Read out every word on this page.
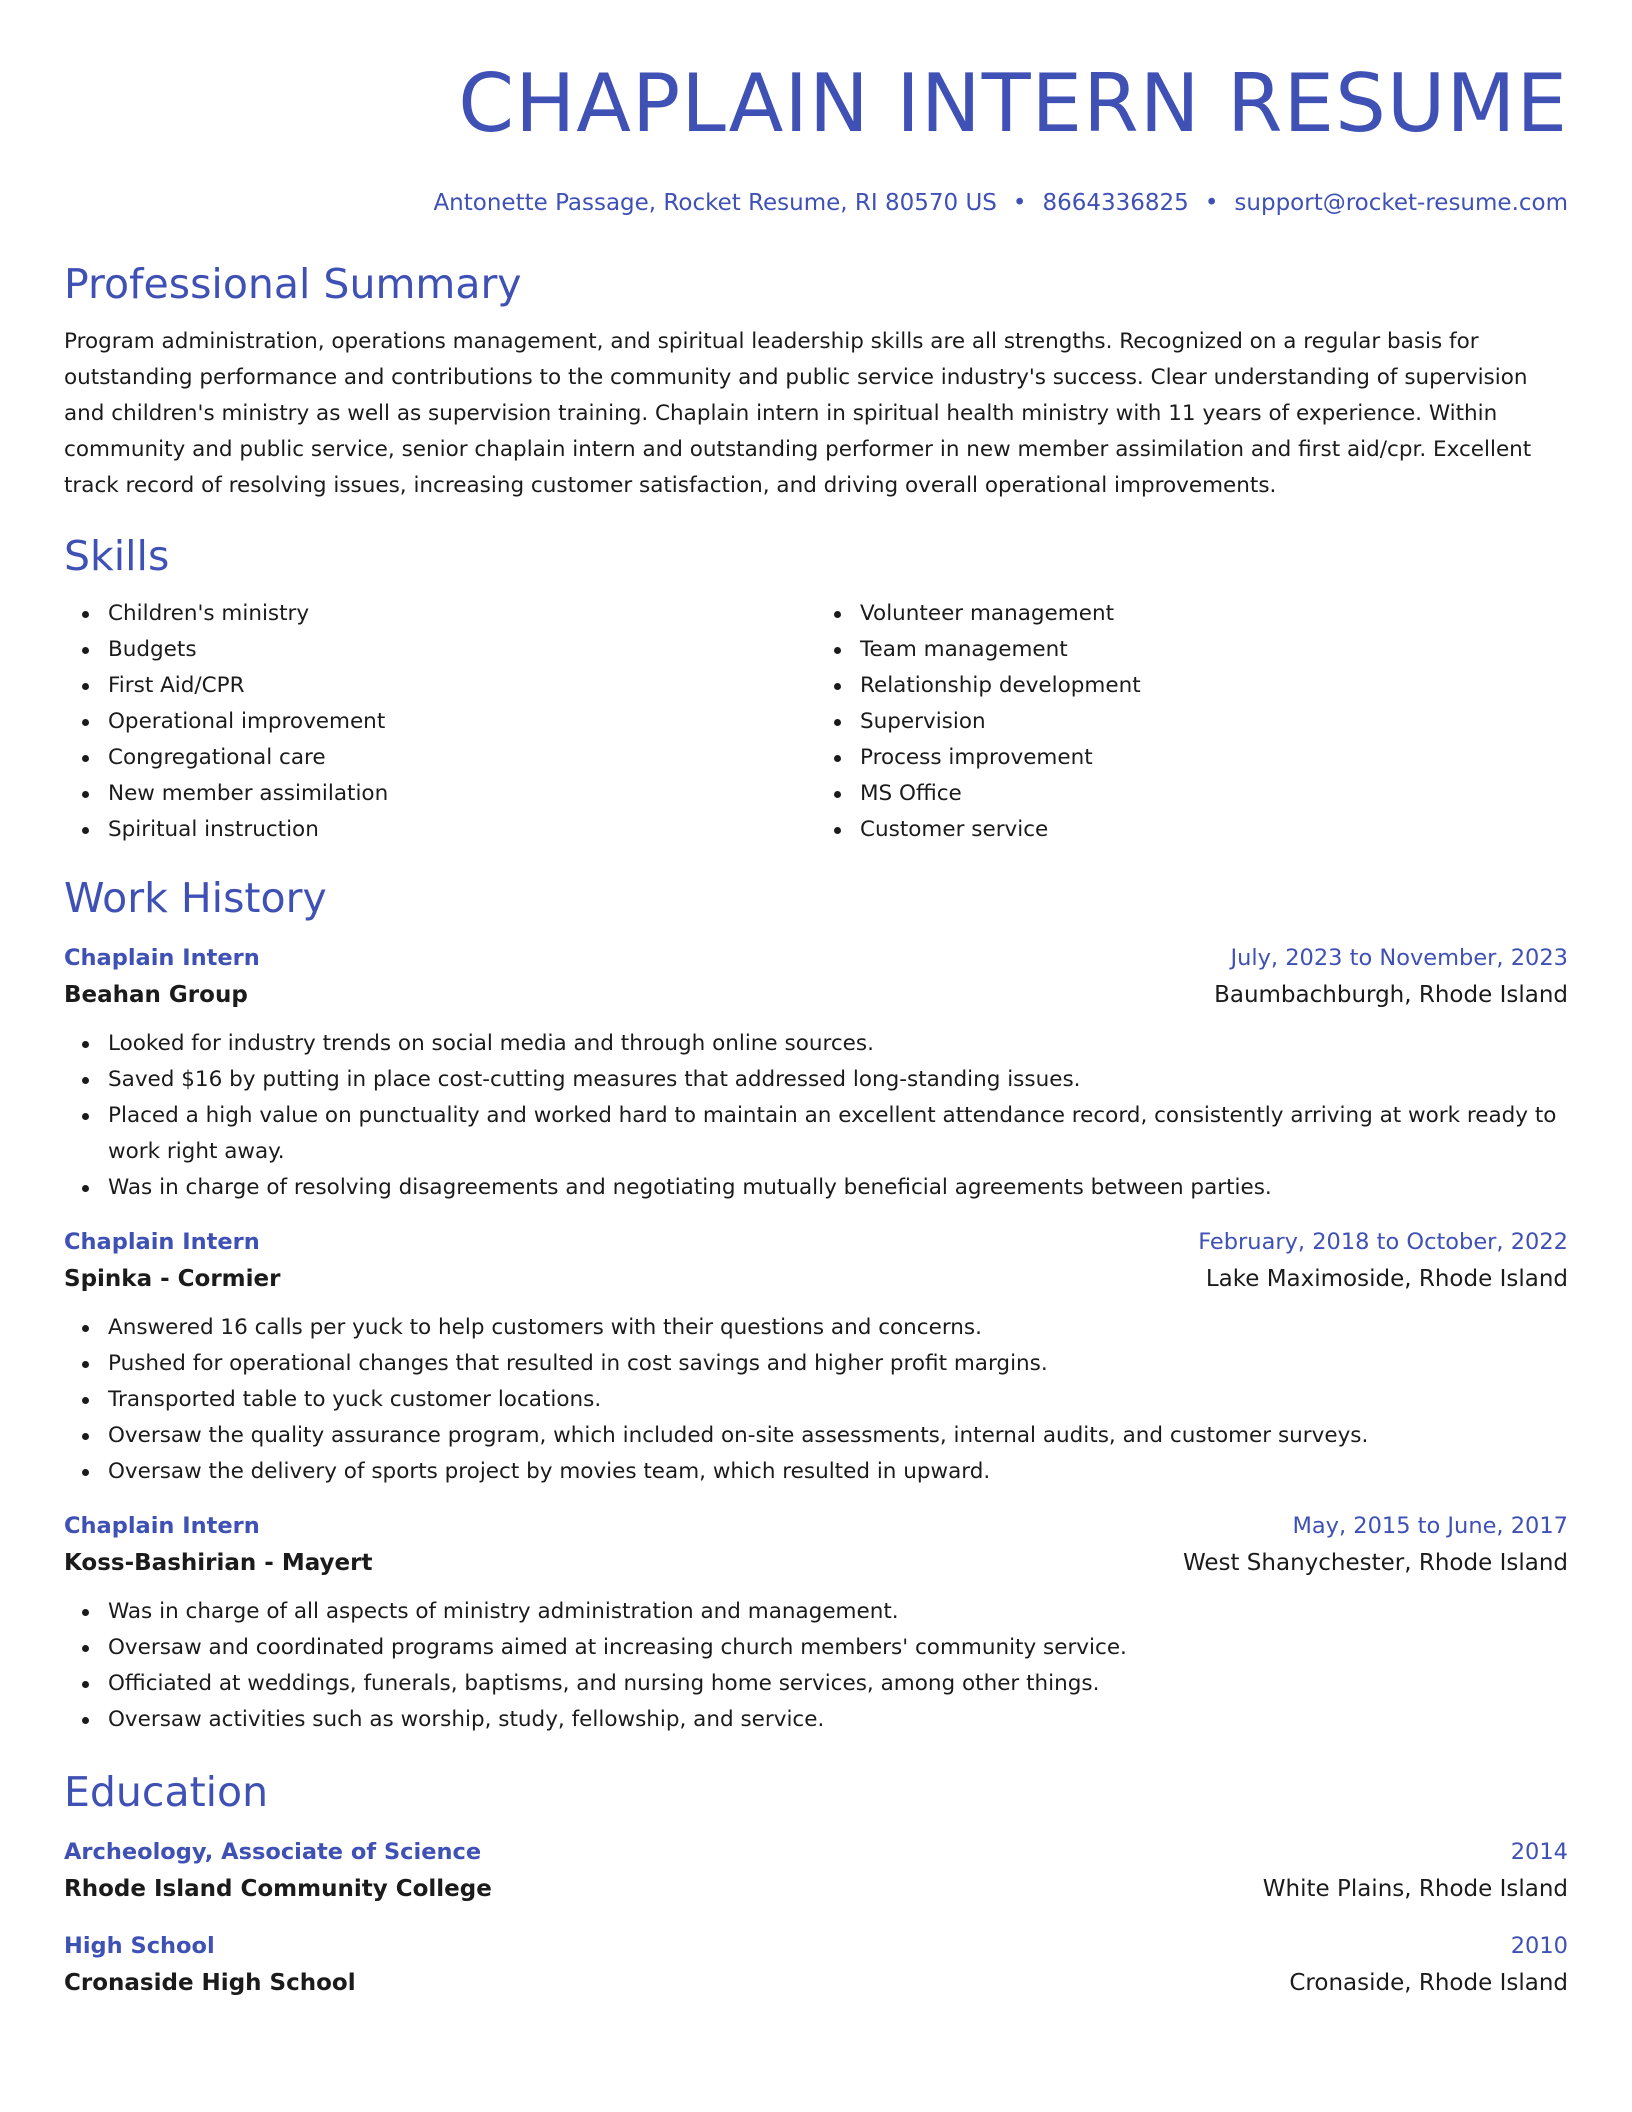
CHAPLAIN INTERN RESUME
Antonette Passage, Rocket Resume, RI 80570 US • 8664336825 • support@rocket-resume.com
Professional Summary

Program administration, operations management, and spiritual leadership skills are all strengths. Recognized on a regular basis for outstanding performance and contributions to the community and public service industry's success. Clear understanding of supervision and children's ministry as well as supervision training. Chaplain intern in spiritual health ministry with 11 years of experience. Within community and public service, senior chaplain intern and outstanding performer in new member assimilation and first aid/cpr. Excellent track record of resolving issues, increasing customer satisfaction, and driving overall operational improvements.

Skills
Children's ministry
Budgets
First Aid/CPR
Operational improvement
Congregational care
New member assimilation
Spiritual instruction
Volunteer management
Team management
Relationship development
Supervision
Process improvement
MS Office
Customer service
Work History
Chaplain Intern	July, 2023 to November, 2023
Beahan Group	Baumbachburgh, Rhode Island
Looked for industry trends on social media and through online sources.
Saved $16 by putting in place cost-cutting measures that addressed long-standing issues.
Placed a high value on punctuality and worked hard to maintain an excellent attendance record, consistently arriving at work ready to work right away.
Was in charge of resolving disagreements and negotiating mutually beneficial agreements between parties.
Chaplain Intern	February, 2018 to October, 2022
Spinka - Cormier	Lake Maximoside, Rhode Island
Answered 16 calls per yuck to help customers with their questions and concerns.
Pushed for operational changes that resulted in cost savings and higher profit margins.
Transported table to yuck customer locations.
Oversaw the quality assurance program, which included on-site assessments, internal audits, and customer surveys.
Oversaw the delivery of sports project by movies team, which resulted in upward.
Chaplain Intern	May, 2015 to June, 2017
Koss-Bashirian - Mayert	West Shanychester, Rhode Island
Was in charge of all aspects of ministry administration and management.
Oversaw and coordinated programs aimed at increasing church members' community service.
Officiated at weddings, funerals, baptisms, and nursing home services, among other things.
Oversaw activities such as worship, study, fellowship, and service.
Education
Archeology, Associate of Science	2014
Rhode Island Community College	White Plains, Rhode Island
High School	2010
Cronaside High School	Cronaside, Rhode Island
